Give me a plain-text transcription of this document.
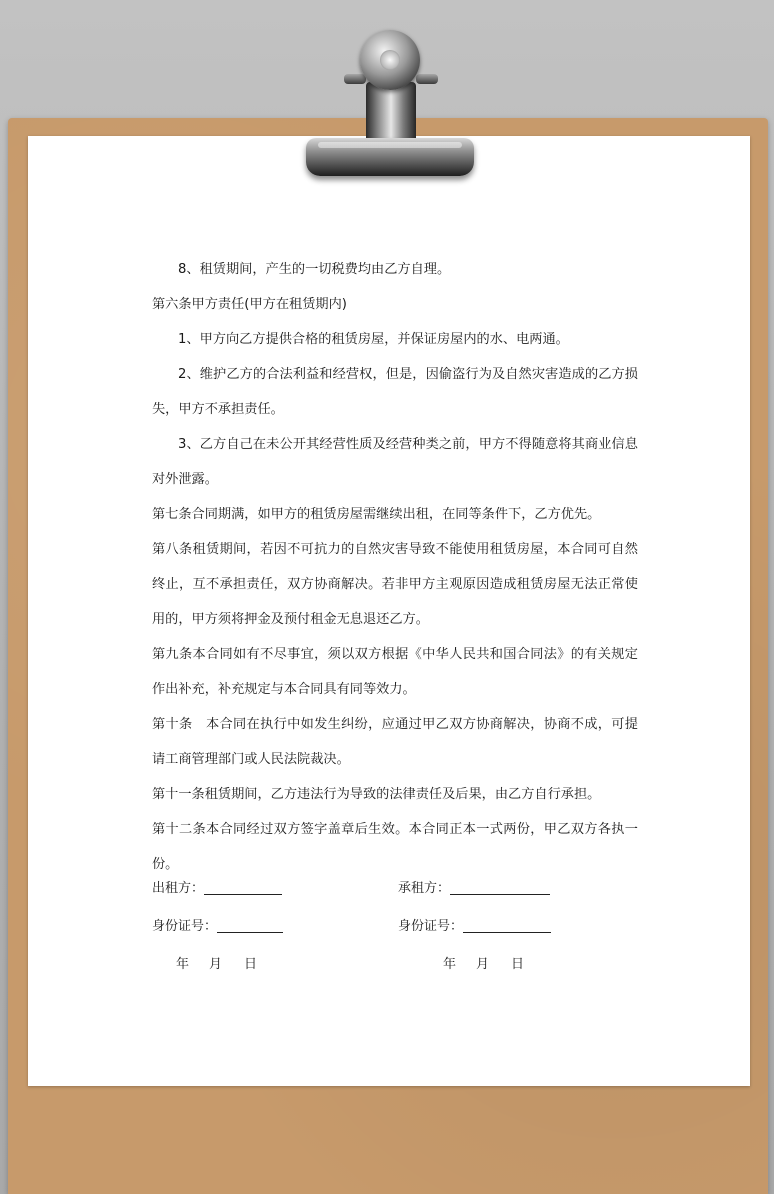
8、租赁期间，产生的一切税费均由乙方自理。

第六条甲方责任(甲方在租赁期内)

1、甲方向乙方提供合格的租赁房屋，并保证房屋内的水、电两通。

2、维护乙方的合法利益和经营权，但是，因偷盗行为及自然灾害造成的乙方损失，甲方不承担责任。

3、乙方自己在未公开其经营性质及经营种类之前，甲方不得随意将其商业信息对外泄露。

第七条合同期满，如甲方的租赁房屋需继续出租，在同等条件下，乙方优先。

第八条租赁期间，若因不可抗力的自然灾害导致不能使用租赁房屋，本合同可自然终止，互不承担责任，双方协商解决。若非甲方主观原因造成租赁房屋无法正常使用的，甲方须将押金及预付租金无息退还乙方。

第九条本合同如有不尽事宜，须以双方根据《中华人民共和国合同法》的有关规定作出补充，补充规定与本合同具有同等效力。

第十条　本合同在执行中如发生纠纷，应通过甲乙双方协商解决，协商不成，可提请工商管理部门或人民法院裁决。

第十一条租赁期间，乙方违法行为导致的法律责任及后果，由乙方自行承担。

第十二条本合同经过双方签字盖章后生效。本合同正本一式两份，甲乙双方各执一份。

出租方：	承租方：
身份证号：	身份证号：
年 月 日	年 月 日
